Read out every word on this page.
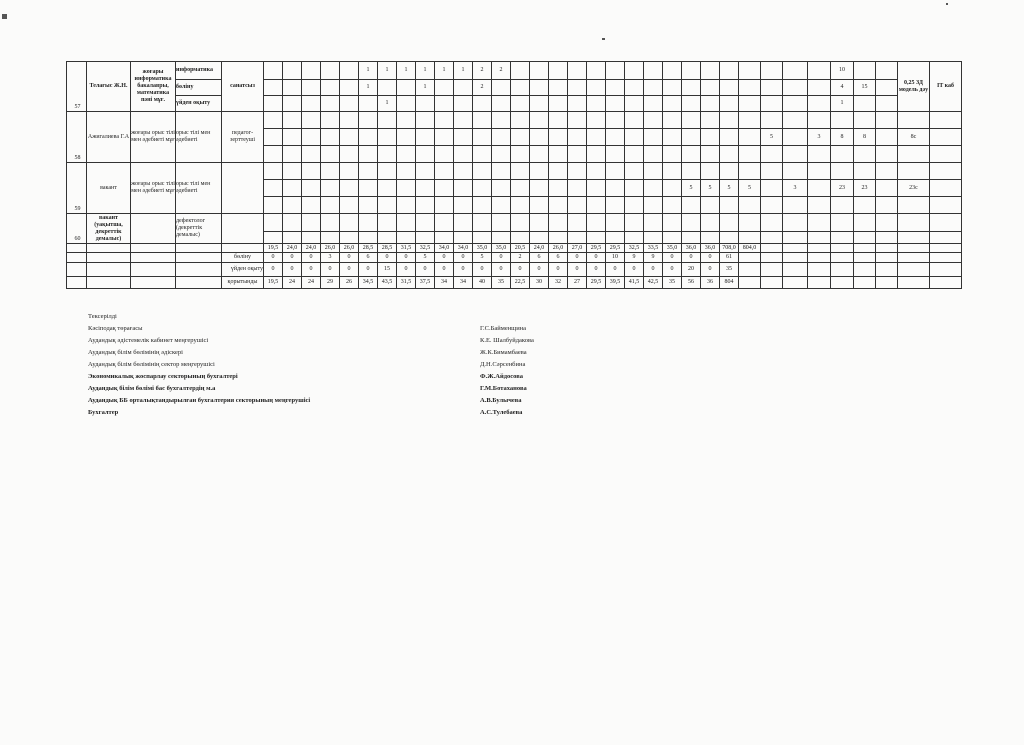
57	Телағыс Ж.Н.	жоғары информатика бакалавры, математика пәні мұғ.	информатика	санатсыз						1	1	1	1	1	1	2	2																	10			0,25 ЗД модель дәу	IT каб
			бөліну							1			1			2																		4	15			
			үйден оқыту								1																							1				
58	Ажигалиева Г.А	жоғары орыс тілі мен әдебиеті мұғ	орыс тілі мен әдебиеті	педагог-зерттеуші																																		
																															5		3	8	8		8с	

59	вакант	жоғары орыс тілі мен әдебиеті мұғ	орыс тілі мен әдебиеті																																			
																											5	5	5	5		3		23	23		23с	

60	вакант (уақытша, декреттік демалыс)		дефектолог (декреттік демалыс)																																			

					19,5	24,0	24,0	26,0	26,0	28,5	28,5	31,5	32,5	34,0	34,0	35,0	35,0	20,5	24,0	26,0	27,0	29,5	29,5	32,5	33,5	35,0	36,0	36,0	708,0	804,0								
				бөліну	0	0	0	3	0	6	0	0	5	0	0	5	0	2	6	6	0	0	10	9	9	0	0	0	61									
				үйден оқыту	0	0	0	0	0	0	15	0	0	0	0	0	0	0	0	0	0	0	0	0	0	0	20	0	35									
				қорытынды	19,5	24	24	29	26	34,5	43,5	31,5	37,5	34	34	40	35	22,5	30	32	27	29,5	39,5	41,5	42,5	35	56	36	804									
Тексерілді
Кәсіподақ төрағасы	Г.С.Байменщина
Аудандық әдістемелік кабинет меңгерушісі	К.Е. Шалбуйдакова
Аудандық білім бөлімінің әдіскері	Ж.К.Бимамбаева
Аудандық білім бөлімінің сектор меңгерушісі	Д.Н.Сәрсенбина
Экономикалық жоспарлау секторының бухгалтері	Ф.Ж.Айдосова
Аудандық білім бөлімі бас бухгалтердің м.а	Г.М.Ботаханова
Аудандық ББ орталықтандырылған бухгалтерия секторының меңгерушісі	А.В.Булычева
Бухгалтер	А.С.Тулебаева
